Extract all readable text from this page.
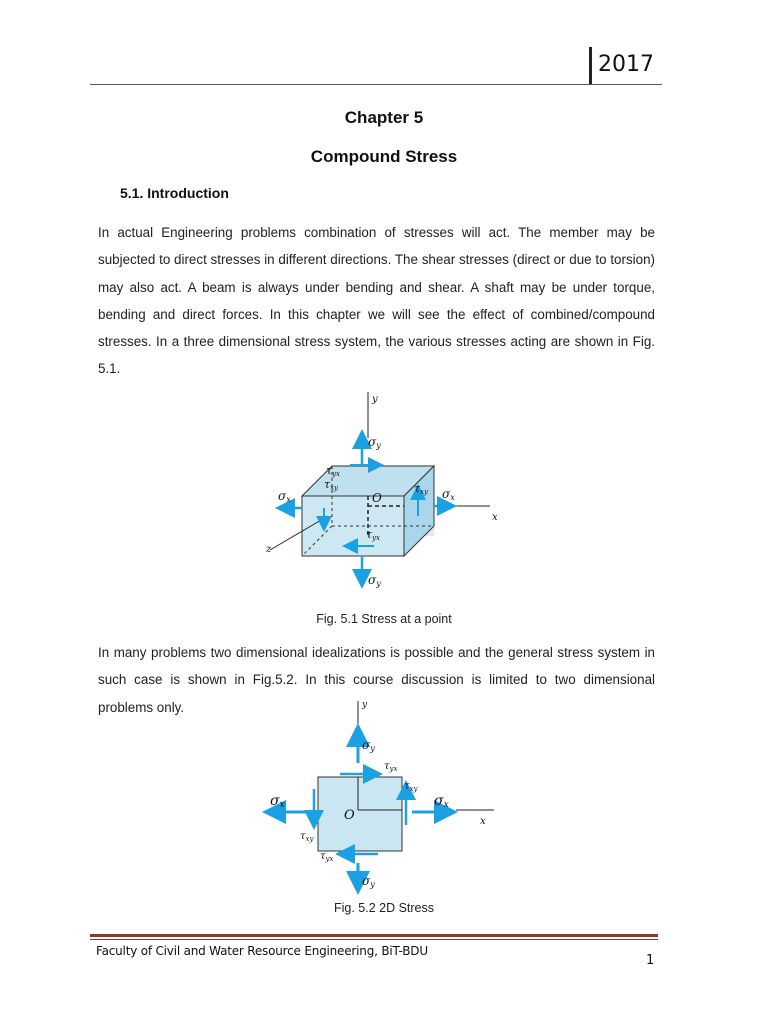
2017
Chapter 5
Compound Stress
5.1. Introduction
In actual Engineering problems combination of stresses will act. The member may be subjected to direct stresses in different directions. The shear stresses (direct or due to torsion) may also act. A beam is always under bending and shear. A shaft may be under torque, bending and direct forces. In this chapter we will see the effect of combined/compound stresses. In a three dimensional stress system, the various stresses acting are shown in Fig. 5.1.
y
x
z
O
σy
σy
σx	σx
τyx
τxy	τxy
τyx
Fig. 5.1 Stress at a point
In many problems two dimensional idealizations is possible and the general stress system in such case is shown in Fig.5.2. In this course discussion is limited to two dimensional problems only.	y
x
O
σy
σy
σx	σx
$\tau_{yx}$
$\tau_{xy}$
$\tau_{xy}$
$\tau_{yx}$
Fig. 5.2 2D Stress
Faculty of Civil and Water Resource Engineering, BiT-BDU
1
